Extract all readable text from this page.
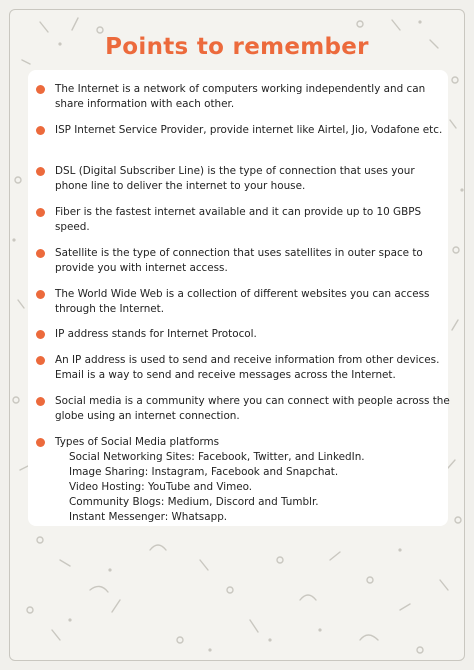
Points to remember
The Internet is a network of computers working independently and can share information with each other.
ISP Internet Service Provider, provide internet like Airtel, Jio, Vodafone etc.
DSL (Digital Subscriber Line) is the type of connection that uses your phone line to deliver the internet to your house.
Fiber is the fastest internet available and it can provide up to 10 GBPS speed.
Satellite is the type of connection that uses satellites in outer space to provide you with internet access.
The World Wide Web is a collection of different websites you can access through the Internet.
IP address stands for Internet Protocol.
An IP address is used to send and receive information from other devices. Email is a way to send and receive messages across the Internet.
Social media is a community where you can connect with people across the globe using an internet connection.
Types of Social Media platforms
Social Networking Sites: Facebook, Twitter, and LinkedIn.
Image Sharing: Instagram, Facebook and Snapchat.
Video Hosting: YouTube and Vimeo.
Community Blogs: Medium, Discord and Tumblr.
Instant Messenger: Whatsapp.
